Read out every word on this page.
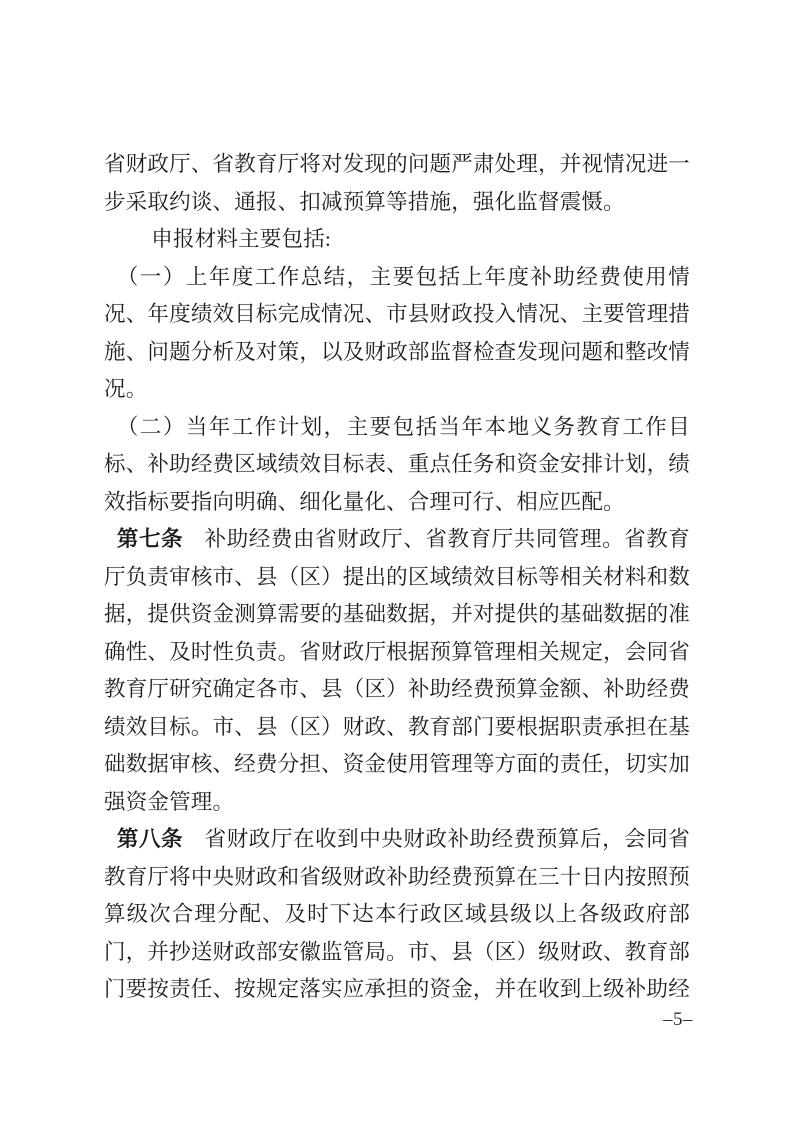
省财政厅、省教育厅将对发现的问题严肃处理，并视情况进一步采取约谈、通报、扣减预算等措施，强化监督震慑。

申报材料主要包括:

（一）上年度工作总结，主要包括上年度补助经费使用情况、年度绩效目标完成情况、市县财政投入情况、主要管理措施、问题分析及对策，以及财政部监督检查发现问题和整改情况。

（二）当年工作计划，主要包括当年本地义务教育工作目标、补助经费区域绩效目标表、重点任务和资金安排计划，绩效指标要指向明确、细化量化、合理可行、相应匹配。

第七条 补助经费由省财政厅、省教育厅共同管理。省教育厅负责审核市、县（区）提出的区域绩效目标等相关材料和数据，提供资金测算需要的基础数据，并对提供的基础数据的准确性、及时性负责。省财政厅根据预算管理相关规定，会同省教育厅研究确定各市、县（区）补助经费预算金额、补助经费绩效目标。市、县（区）财政、教育部门要根据职责承担在基础数据审核、经费分担、资金使用管理等方面的责任，切实加强资金管理。

第八条 省财政厅在收到中央财政补助经费预算后，会同省教育厅将中央财政和省级财政补助经费预算在三十日内按照预算级次合理分配、及时下达本行政区域县级以上各级政府部门，并抄送财政部安徽监管局。市、县（区）级财政、教育部门要按责任、按规定落实应承担的资金，并在收到上级补助经

–5–
